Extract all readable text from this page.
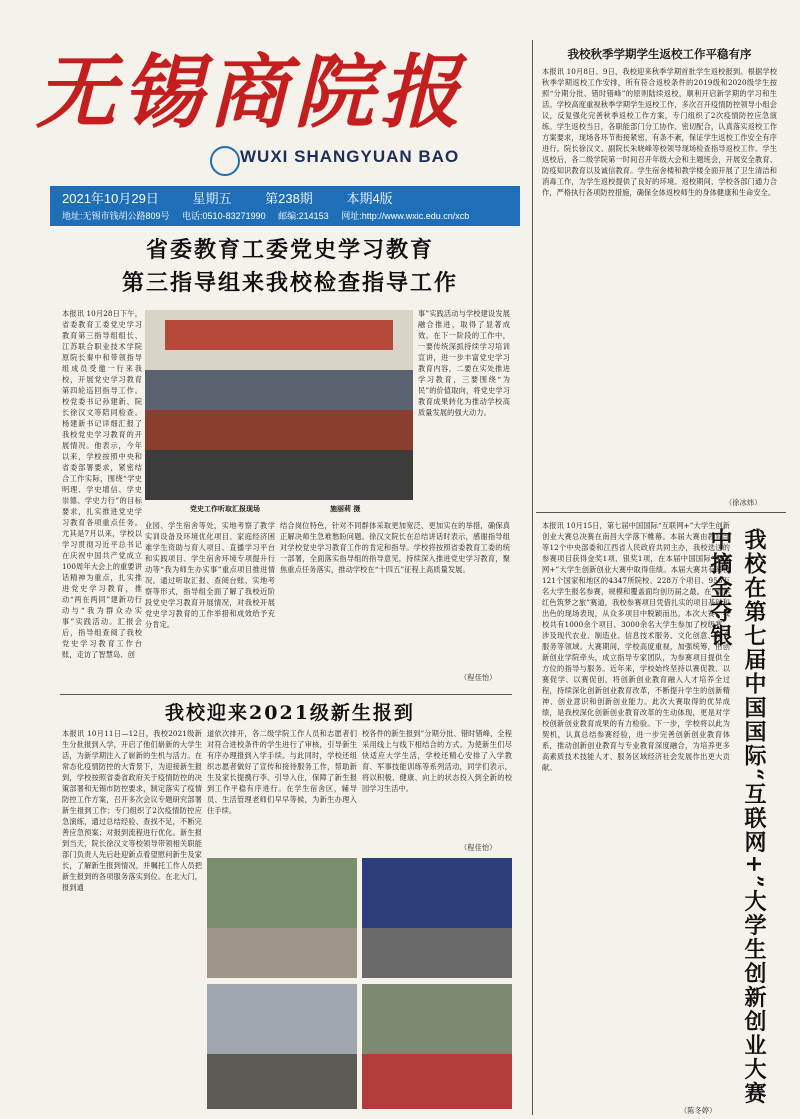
无锡商院报
WUXI SHANGYUAN BAO
2021年10月29日	星期五	第238期	本期4版
地址:无锡市钱胡公路809号 电话:0510-83271990 邮编:214153 网址:http://www.wxic.edu.cn/xcb
省委教育工委党史学习教育
第三指导组来我校检查指导工作
本报讯 10月28日下午，省委教育工委党史学习教育第三指导组组长、江苏联合职业技术学院原院长秦中和带领指导组成员受邀一行来我校，开展党史学习教育第四轮巡回指导工作。校党委书记孙建新、院长徐汉文等陪同检查。杨建新书记详细汇报了我校党史学习教育的开展情况。他表示，今年以来，学校按照中央和省委部署要求，紧密结合工作实际，围绕“学史明理、学史增信、学史崇德、学史力行”的目标要求，扎实推进党史学习教育各项重点任务。尤其是7月以来，学校以学习贯彻习近平总书记在庆祝中国共产党成立100周年大会上的重要讲话精神为重点，扎实推进党史学习教育，推动“两在两同”建新功行动与“我为群众办实事”实践活动。汇报会后，指导组查阅了我校党史学习教育工作台账，走访了智慧岛、创
党史工作听取汇报现场	施丽莉 摄
事”实践活动与学校建设发展融合推进，取得了显著成效。在下一阶段的工作中，一要传统深抓持续学习培训宣讲，进一步丰富党史学习教育内容，二要在实处推进学习教育，三要围绕“为民”的价值取向，将党史学习教育成果转化为推动学校高质量发展的强大动力。
业园、学生宿舍等处，实地考察了教学实训设备及环境优化项目、家庭经济困难学生资助与育人项目、直播学习平台和实践项目、学生宿舍环境专项提升行动等“我为师生办实事”重点项目推进情况。通过听取汇报、查阅台账、实地考察等形式，指导组全面了解了我校近阶段党史学习教育开展情况，对我校开展党史学习教育的工作举措和成效给予充分肯定。
结合岗位特色，针对不同群体采取更加宽泛、更加实在的举措，确保真正解决师生急难愁盼问题。徐汉文院长在总结讲话时表示，感谢指导组对学校党史学习教育工作的肯定和指导。学校将按照省委教育工委的统一部署，全面落实指导组的指导意见，持续深入推进党史学习教育，聚焦重点任务落实，推动学校在“十四五”征程上高质量发展。
（程佳怡）
我校迎来2021级新生报到
本报讯 10月11日—12日，我校2021级新生分批报到入学，开启了他们崭新的大学生活，为新学期注入了崭新的生机与活力。在常态化疫情防控的大背景下，为迎接新生报到，学校按照省委省政府关于疫情防控的决策部署和无锡市防控要求，制定落实了疫情防控工作方案，召开多次会议专题研究部署新生报到工作；专门组织了2次疫情防控应急演练，通过总结经验、查找不足，不断完善应急预案；对报到流程进行优化。新生报到当天，院长徐汉文等校领导带领相关职能部门负责人先后赴迎新点看望慰问新生及家长，了解新生报到情况，并嘱托工作人员把新生报到的各项服务落实到位。在北大门，报到通
道依次排开，各二级学院工作人员和志愿者们对符合进校条件的学生进行了审核，引导新生有序办理报到入学手续。与此同时，学校还组织志愿者做好了宣传和接待服务工作，帮助新生及家长提携行李、引导入住，保障了新生报到工作平稳有序进行。在学生宿舍区，辅导员、生活管理老师们早早等候，为新生办理入住手续。
校各件的新生报到”分期分批、错时错峰，全程采用线上与线下相结合的方式。为使新生们尽快适应大学生活，学校还精心安排了入学教育、军事技能训练等系列活动，同学们表示，将以积极、健康、向上的状态投入到全新的校园学习生活中。
（程佳怡）
我校秋季学期学生返校工作平稳有序
本报讯 10月8日、9日，我校迎来秋季学期首批学生返校报到。根据学校秋季学期返校工作安排，所有符合返校条件的2019级和2020级学生按照“分期分批、错时错峰”的原则陆续返校，顺利开启新学期的学习和生活。学校高度重视秋季学期学生返校工作，多次召开疫情防控领导小组会议，反复强化完善秋季返校工作方案，专门组织了2次疫情防控应急演练。学生返校当日，各职能部门分工协作、密切配合，认真落实返校工作方案要求，现场各环节衔接紧密，有条不紊，保证学生返校工作安全有序进行。院长徐汉文、副院长朱晓峰等校领导现场检查指导返校工作。学生返校后，各二级学院第一时间召开年级大会和主题班会，开展安全教育、防疫知识教育以及诚信教育。学生宿舍楼和教学楼全面开展了卫生清洁和消毒工作，为学生返校提供了良好的环境。返校期间，学校各部门通力合作，严格执行各项防控措施，确保全体返校师生的身体健康和生命安全。
（徐冰炜）
本报讯 10月15日，第七届中国国际“互联网+”大学生创新创业大赛总决赛在南昌大学落下帷幕。本届大赛由教育部等12个中央部委和江西省人民政府共同主办，我校选送的参赛项目获得金奖1项、银奖1项，在本届中国国际“互联网+”大学生创新创业大赛中取得佳绩。本届大赛共有来自121个国家和地区的4347所院校、228万个项目、956万名大学生报名参赛，规模和覆盖面均创历届之最。在“青年红色筑梦之旅”赛道，我校参赛项目凭借扎实的项目基础和出色的现场表现，从众多项目中脱颖而出。本次大赛，我校共有1000余个项目、3000余名大学生参加了校级赛，涉及现代农业、制造业、信息技术服务、文化创意、社会服务等领域。大赛期间，学校高度重视，加强统筹，由创新创业学院牵头，成立指导专家团队，为参赛项目提供全方位的指导与服务。近年来，学校始终坚持以赛促教、以赛促学、以赛促创，将创新创业教育融入人才培养全过程，持续深化创新创业教育改革，不断提升学生的创新精神、创业意识和创新创业能力。此次大赛取得的优异成绩，是我校深化创新创业教育改革的生动体现，更是对学校创新创业教育成果的有力检验。下一步，学校将以此为契机，认真总结参赛经验，进一步完善创新创业教育体系，推动创新创业教育与专业教育深度融合，为培养更多高素质技术技能人才、服务区域经济社会发展作出更大贡献。	我校在第七届中国国际“互联网+”大学生创新创业大赛中摘金夺银
（陈冬婷）
